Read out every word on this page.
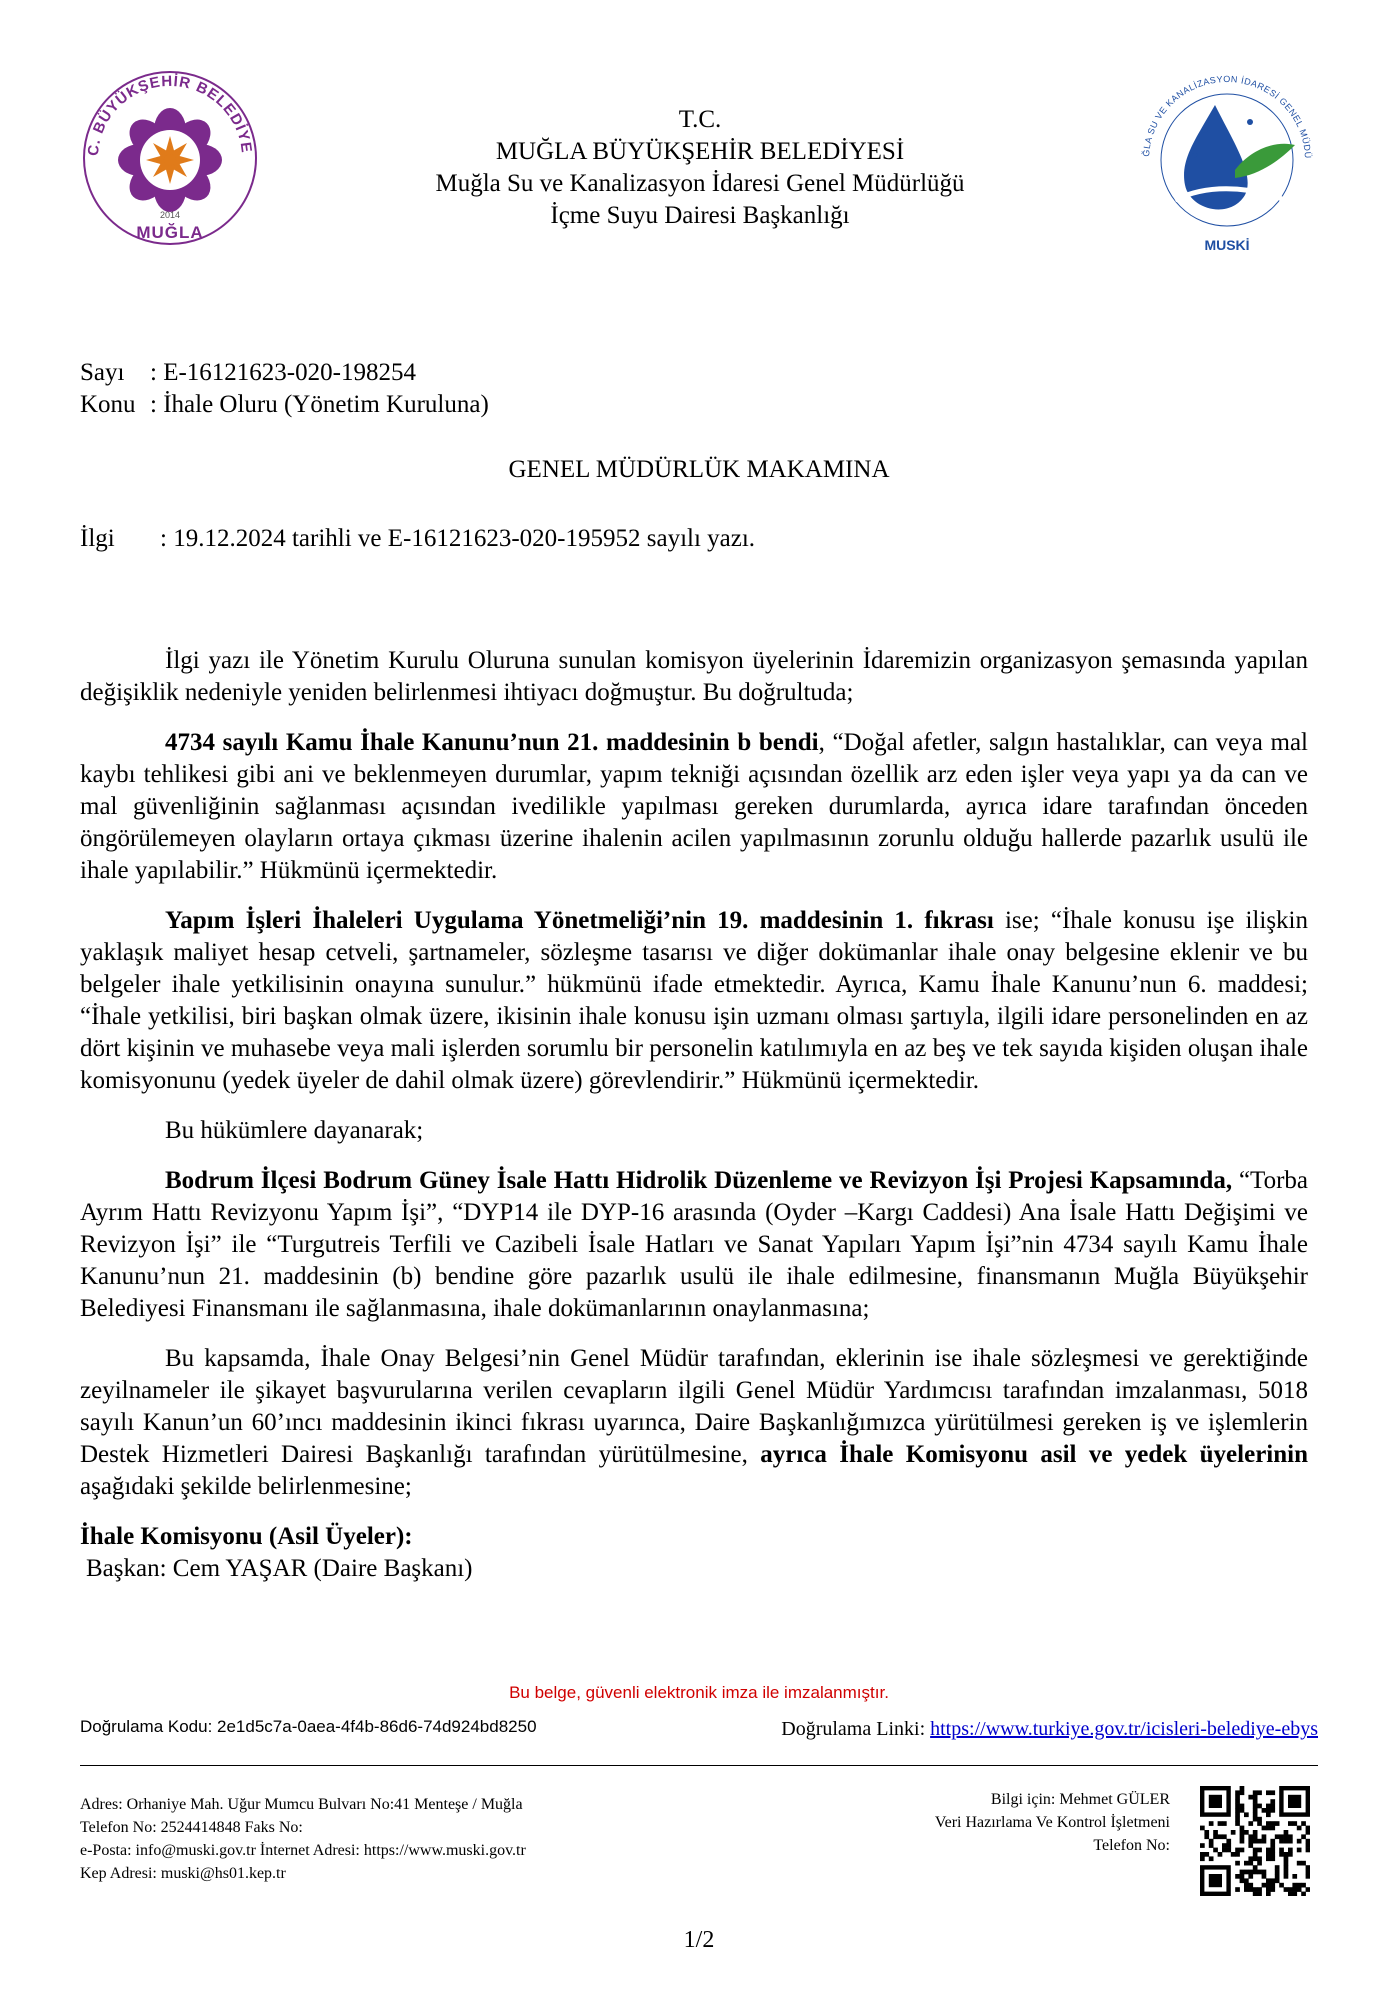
C. BÜYÜKŞEHİR BELEDİYE
2014
MUĞLA
ĞLA SU VE KANALİZASYON İDARESİ GENEL MÜDÜ
MUSKİ
T.C.
MUĞLA BÜYÜKŞEHİR BELEDİYESİ
Muğla Su ve Kanalizasyon İdaresi Genel Müdürlüğü
İçme Suyu Dairesi Başkanlığı
Sayı : E-16121623-020-198254
Konu : İhale Oluru (Yönetim Kuruluna)
GENEL MÜDÜRLÜK MAKAMINA
İlgi : 19.12.2024 tarihli ve E-16121623-020-195952 sayılı yazı.

İlgi yazı ile Yönetim Kurulu Oluruna sunulan komisyon üyelerinin İdaremizin organizasyon şemasında yapılan değişiklik nedeniyle yeniden belirlenmesi ihtiyacı doğmuştur. Bu doğrultuda;

4734 sayılı Kamu İhale Kanunu’nun 21. maddesinin b bendi, “Doğal afetler, salgın hastalıklar, can veya mal kaybı tehlikesi gibi ani ve beklenmeyen durumlar, yapım tekniği açısından özellik arz eden işler veya yapı ya da can ve mal güvenliğinin sağlanması açısından ivedilikle yapılması gereken durumlarda, ayrıca idare tarafından önceden öngörülemeyen olayların ortaya çıkması üzerine ihalenin acilen yapılmasının zorunlu olduğu hallerde pazarlık usulü ile ihale yapılabilir.” Hükmünü içermektedir.

Yapım İşleri İhaleleri Uygulama Yönetmeliği’nin 19. maddesinin 1. fıkrası ise; “İhale konusu işe ilişkin yaklaşık maliyet hesap cetveli, şartnameler, sözleşme tasarısı ve diğer dokümanlar ihale onay belgesine eklenir ve bu belgeler ihale yetkilisinin onayına sunulur.” hükmünü ifade etmektedir. Ayrıca, Kamu İhale Kanunu’nun 6. maddesi; “İhale yetkilisi, biri başkan olmak üzere, ikisinin ihale konusu işin uzmanı olması şartıyla, ilgili idare personelinden en az dört kişinin ve muhasebe veya mali işlerden sorumlu bir personelin katılımıyla en az beş ve tek sayıda kişiden oluşan ihale komisyonunu (yedek üyeler de dahil olmak üzere) görevlendirir.” Hükmünü içermektedir.

Bu hükümlere dayanarak;

Bodrum İlçesi Bodrum Güney İsale Hattı Hidrolik Düzenleme ve Revizyon İşi Projesi Kapsamında, “Torba Ayrım Hattı Revizyonu Yapım İşi”, “DYP14 ile DYP-16 arasında (Oyder –Kargı Caddesi) Ana İsale Hattı Değişimi ve Revizyon İşi” ile “Turgutreis Terfili ve Cazibeli İsale Hatları ve Sanat Yapıları Yapım İşi”nin 4734 sayılı Kamu İhale Kanunu’nun 21. maddesinin (b) bendine göre pazarlık usulü ile ihale edilmesine, finansmanın Muğla Büyükşehir Belediyesi Finansmanı ile sağlanmasına, ihale dokümanlarının onaylanmasına;

Bu kapsamda, İhale Onay Belgesi’nin Genel Müdür tarafından, eklerinin ise ihale sözleşmesi ve gerektiğinde zeyilnameler ile şikayet başvurularına verilen cevapların ilgili Genel Müdür Yardımcısı tarafından imzalanması, 5018 sayılı Kanun’un 60’ıncı maddesinin ikinci fıkrası uyarınca, Daire Başkanlığımızca yürütülmesi gereken iş ve işlemlerin Destek Hizmetleri Dairesi Başkanlığı tarafından yürütülmesine, ayrıca İhale Komisyonu asil ve yedek üyelerinin aşağıdaki şekilde belirlenmesine;

İhale Komisyonu (Asil Üyeler):

Başkan: Cem YAŞAR (Daire Başkanı)

Bu belge, güvenli elektronik imza ile imzalanmıştır.
Doğrulama Kodu: 2e1d5c7a-0aea-4f4b-86d6-74d924bd8250	Doğrulama Linki: https://www.turkiye.gov.tr/icisleri-belediye-ebys
Adres: Orhaniye Mah. Uğur Mumcu Bulvarı No:41 Menteşe / Muğla
Telefon No: 2524414848 Faks No:
e-Posta: info@muski.gov.tr İnternet Adresi: https://www.muski.gov.tr
Kep Adresi: muski@hs01.kep.tr
Bilgi için: Mehmet GÜLER
Veri Hazırlama Ve Kontrol İşletmeni
Telefon No:
1/2
